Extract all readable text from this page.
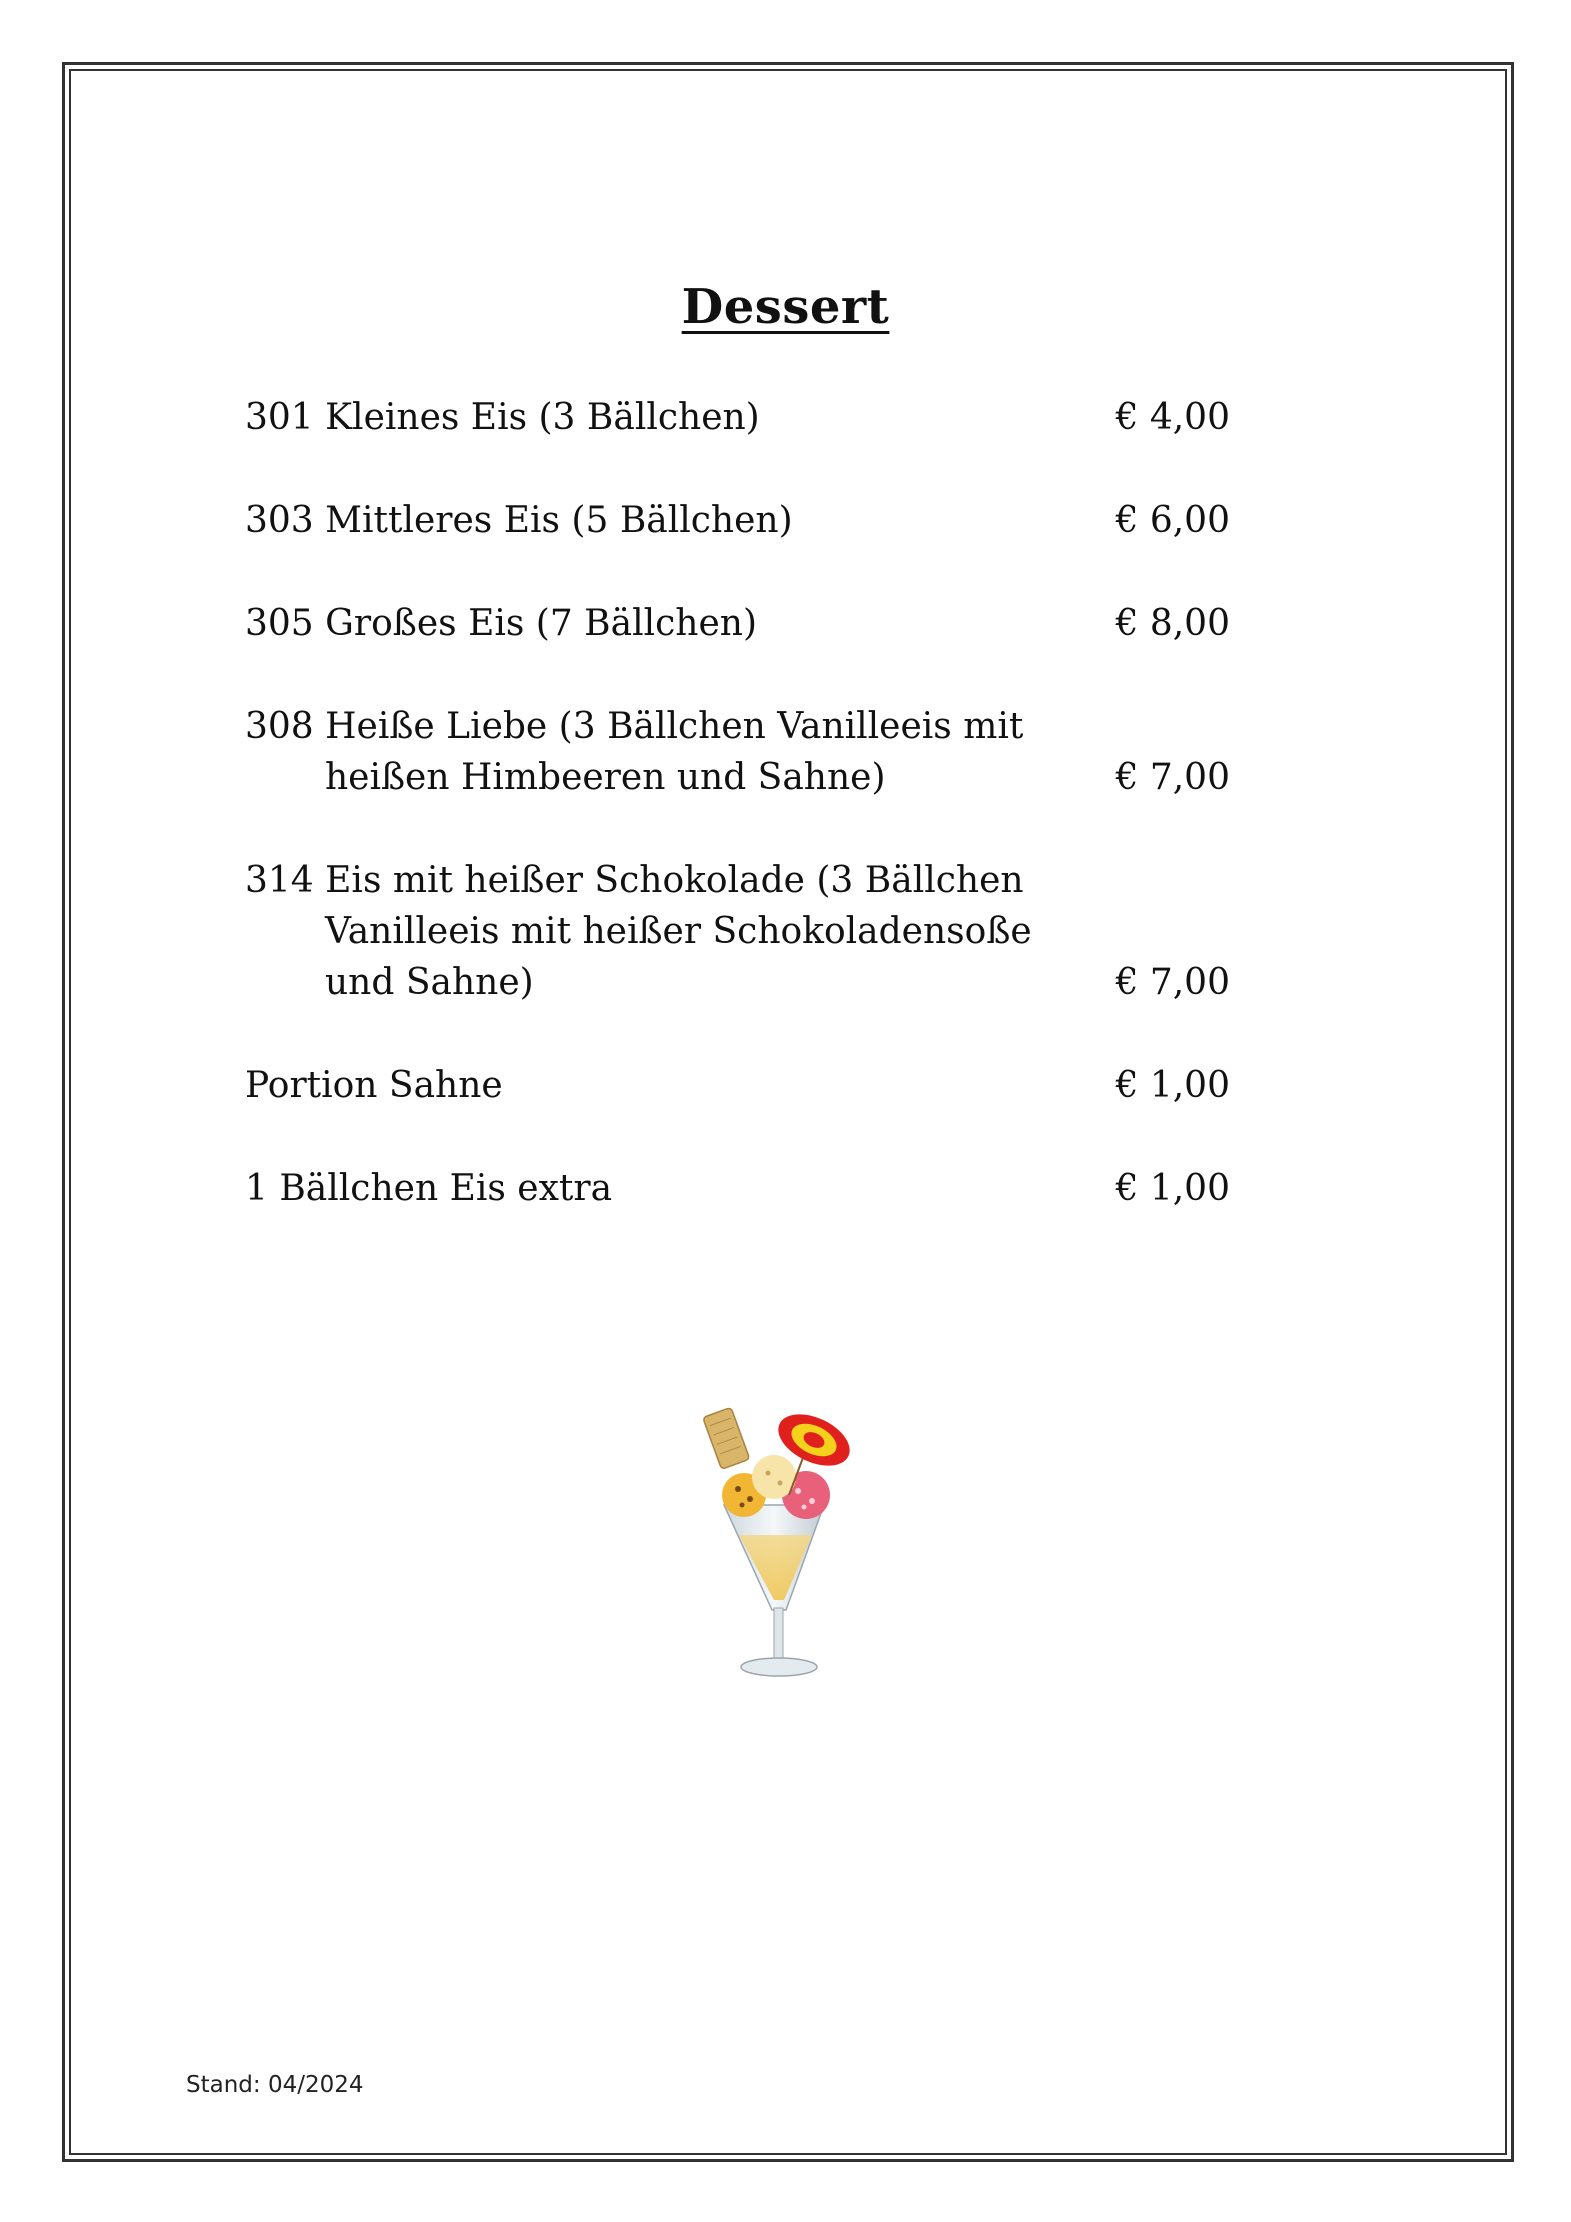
Dessert
301 Kleines Eis (3 Bällchen)	€ 4,00
303 Mittleres Eis (5 Bällchen)	€ 6,00
305 Großes Eis (7 Bällchen)	€ 8,00
308 Heiße Liebe (3 Bällchen Vanilleeis mit
heißen Himbeeren und Sahne)	€ 7,00
314 Eis mit heißer Schokolade (3 Bällchen
Vanilleeis mit heißer Schokoladensoße
und Sahne)	€ 7,00
Portion Sahne	€ 1,00
1 Bällchen Eis extra	€ 1,00
Stand: 04/2024
